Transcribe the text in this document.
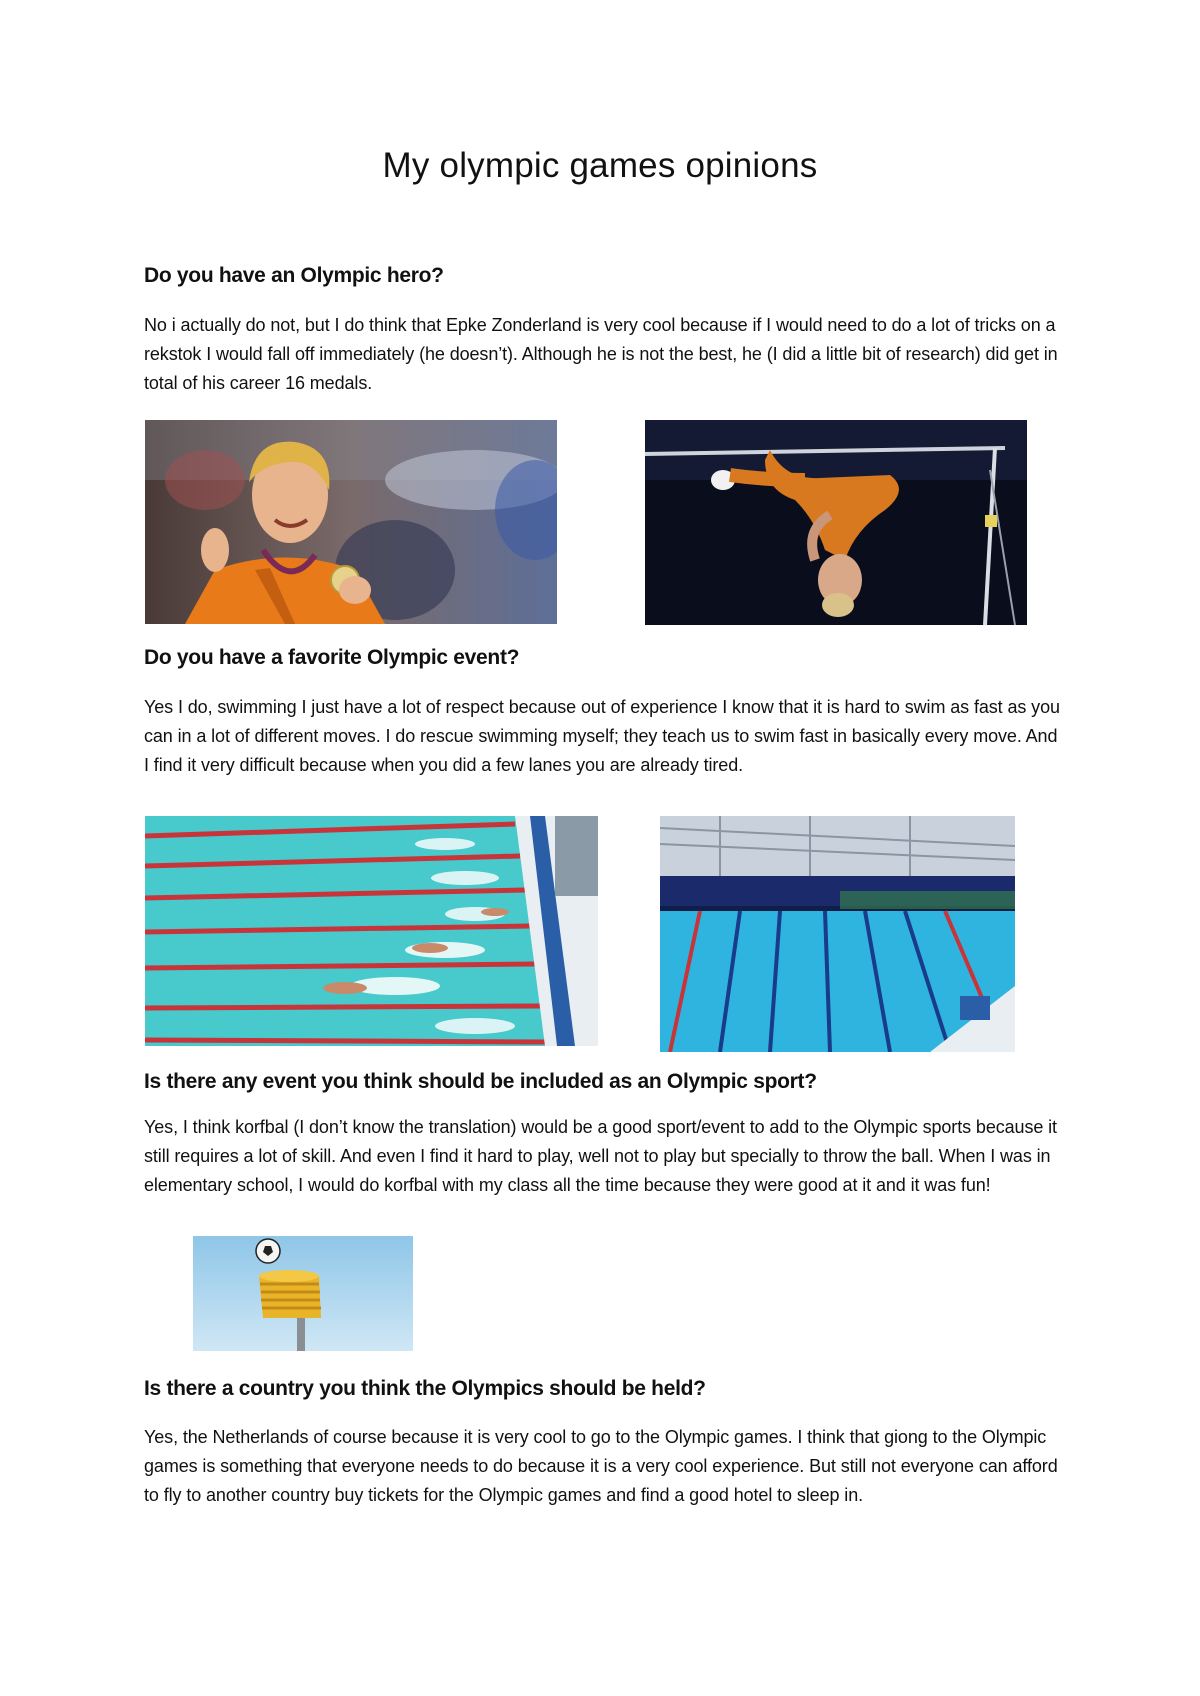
My olympic games opinions
Do you have an Olympic hero?

No i actually do not, but I do think that Epke Zonderland is very cool because if I would need to do a lot of tricks on a rekstok I would fall off immediately (he doesn’t). Although he is not the best, he (I did a little bit of research) did get in total of his career 16 medals.

Do you have a favorite Olympic event?

Yes I do, swimming I just have a lot of respect because out of experience I know that it is hard to swim as fast as you can in a lot of different moves. I do rescue swimming myself; they teach us to swim fast in basically every move. And I find it very difficult because when you did a few lanes you are already tired.

Is there any event you think should be included as an Olympic sport?

Yes, I think korfbal (I don’t know the translation) would be a good sport/event to add to the Olympic sports because it still requires a lot of skill. And even I find it hard to play, well not to play but specially to throw the ball. When I was in elementary school, I would do korfbal with my class all the time because they were good at it and it was fun!

Is there a country you think the Olympics should be held?

Yes, the Netherlands of course because it is very cool to go to the Olympic games. I think that giong to the Olympic games is something that everyone needs to do because it is a very cool experience. But still not everyone can afford to fly to another country buy tickets for the Olympic games and find a good hotel to sleep in.
